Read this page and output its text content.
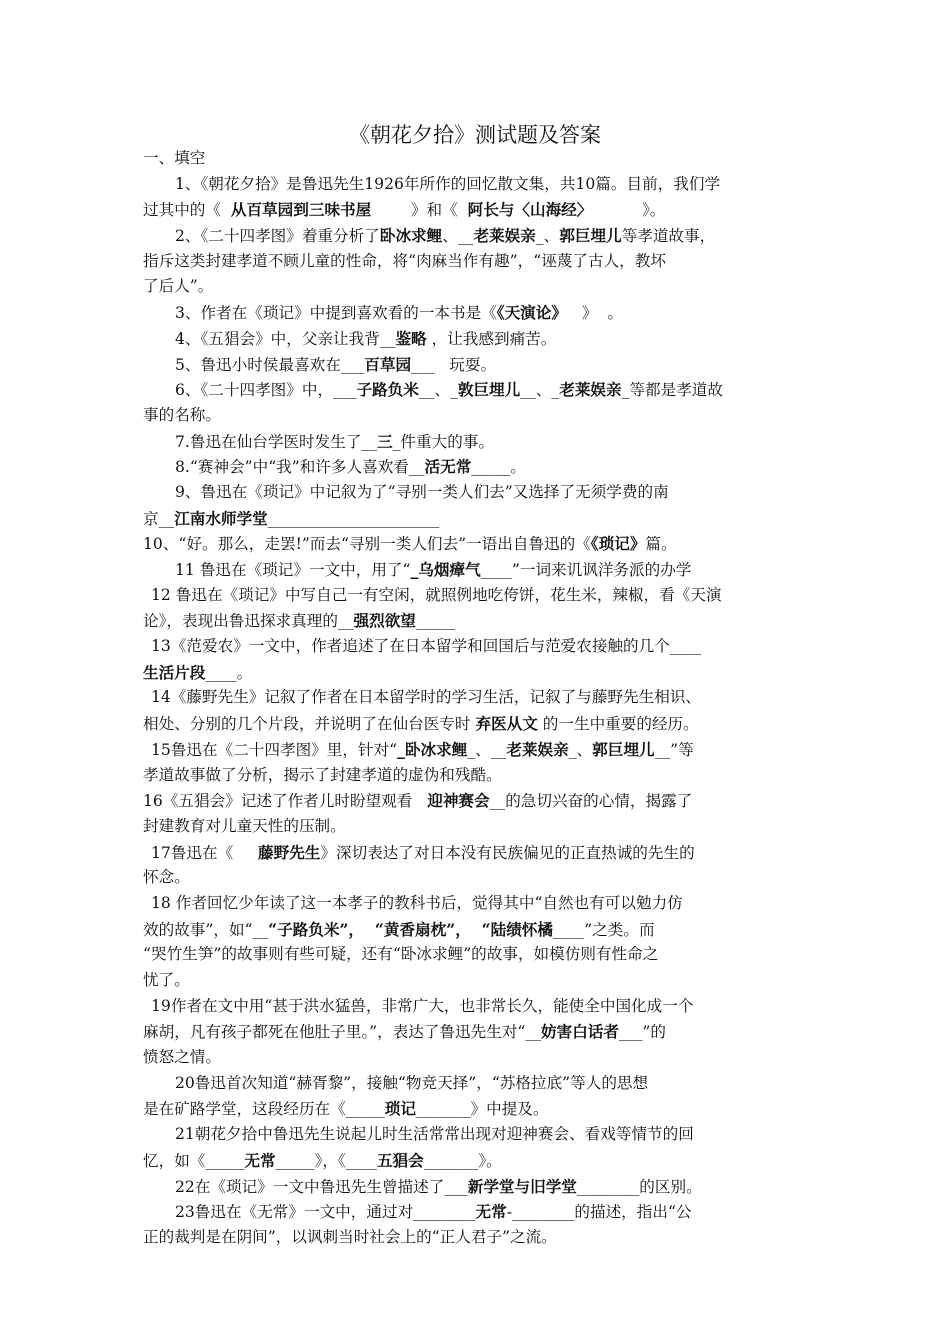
《朝花夕拾》测试题及答案
一、填空
1、《朝花夕拾》是鲁迅先生1926年所作的回忆散文集，共10篇。目前，我们学
过其中的《  从百草园到三味书屋        》和《  阿长与〈山海经〉          》。
2、《二十四孝图》着重分析了卧冰求鲤、__老莱娱亲_、郭巨埋儿等孝道故事，
指斥这类封建孝道不顾儿童的性命，将“肉麻当作有趣”，“诬蔑了古人，教坏
了后人”。
3、作者在《琐记》中提到喜欢看的一本书是《《天演论》   》  。
4、《五猖会》中，父亲让我背__鉴略 ，让我感到痛苦。
5、鲁迅小时侯最喜欢在___百草园___   玩耍。
6、《二十四孝图》中，___子路负米__、_敦巨埋儿__、_老莱娱亲_等都是孝道故
事的名称。
7.鲁迅在仙台学医时发生了__三_件重大的事。
8.“赛神会”中“我”和许多人喜欢看__活无常_____。
9、鲁迅在《琐记》中记叙为了“寻别一类人们去”又选择了无须学费的南
京__江南水师学堂______________________
10、“好。那么，走罢!”而去“寻别一类人们去”一语出自鲁迅的《《琐记》篇。
11 鲁迅在《琐记》一文中，用了“_乌烟瘴气____”一词来讥讽洋务派的办学
12 鲁迅在《琐记》中写自己一有空闲，就照例地吃侉饼，花生米，辣椒，看《天演
论》，表现出鲁迅探求真理的__强烈欲望_____
13《范爱农》一文中，作者追述了在日本留学和回国后与范爱农接触的几个____
生活片段____。
14《藤野先生》记叙了作者在日本留学时的学习生活，记叙了与藤野先生相识、
相处、分别的几个片段，并说明了在仙台医专时 弃医从文 的一生中重要的经历。
15鲁迅在《二十四孝图》里，针对“_卧冰求鲤_、__老莱娱亲_、郭巨埋儿__”等
孝道故事做了分析，揭示了封建孝道的虚伪和残酷。
16《五猖会》记述了作者儿时盼望观看   迎神赛会__的急切兴奋的心情，揭露了
封建教育对儿童天性的压制。
17鲁迅在《     藤野先生》深切表达了对日本没有民族偏见的正直热诚的先生的
怀念。
18 作者回忆少年读了这一本孝子的教科书后，觉得其中“自然也有可以勉力仿
效的故事”，如“__“子路负米”，  “黄香扇枕”，  “陆绩怀橘____”之类。而
“哭竹生笋”的故事则有些可疑，还有“卧冰求鲤”的故事，如模仿则有性命之
忧了。
19作者在文中用“甚于洪水猛兽，非常广大，也非常长久，能使全中国化成一个
麻胡，凡有孩子都死在他肚子里。”，表达了鲁迅先生对“__妨害白话者___”的
愤怒之情。
20鲁迅首次知道“赫胥黎”，接触“物竞天择”，“苏格拉底”等人的思想
是在矿路学堂，这段经历在《_____琐记_______》中提及。
21朝花夕拾中鲁迅先生说起儿时生活常常出现对迎神赛会、看戏等情节的回
忆，如《_____无常_____》，《____五猖会_______》。
22在《琐记》一文中鲁迅先生曾描述了___新学堂与旧学堂________的区别。
23鲁迅在《无常》一文中，通过对________无常-________的描述，指出“公
正的裁判是在阴间”，以讽刺当时社会上的“正人君子”之流。
